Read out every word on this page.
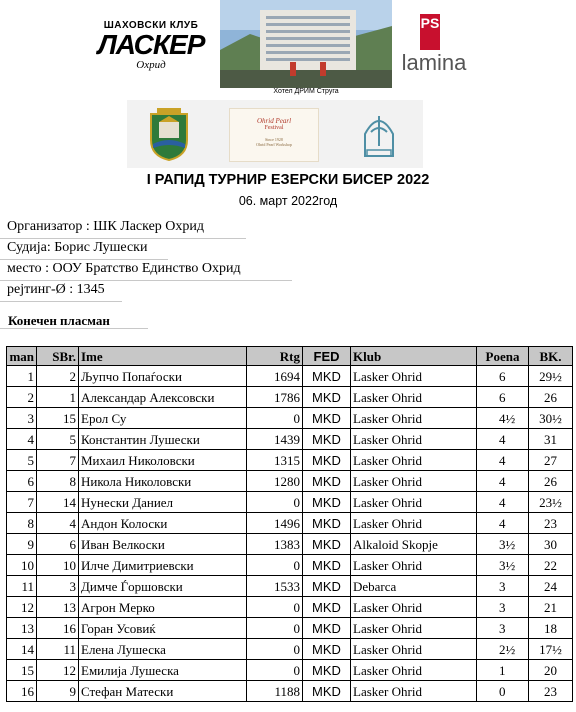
ШАХОВСКИ КЛУБ
ЛАСКЕР
Охрид
Хотел ДРИМ Струга
PS
lamina
Ohrid Pearl
Festival
Since 1928
Ohrid Pearl Workshop
I РАПИД ТУРНИР ЕЗЕРСКИ БИСЕР 2022
06. март 2022год
Организатор : ШК Ласкер Охрид
Судија: Борис Лушески
место : ООУ Братство Единство Охрид
рејтинг-Ø : 1345
Конечен пласман
man	SBr.	Ime	Rtg	FED	Klub	Poena	BK.
1	2	Љупчо Попаѓоски	1694	MKD	Lasker Ohrid	6	29½
2	1	Александар Алексовски	1786	MKD	Lasker Ohrid	6	26
3	15	Ерол Су	0	MKD	Lasker Ohrid	4½	30½
4	5	Константин Лушески	1439	MKD	Lasker Ohrid	4	31
5	7	Михаил Николовски	1315	MKD	Lasker Ohrid	4	27
6	8	Никола Николовски	1280	MKD	Lasker Ohrid	4	26
7	14	Нунески Даниел	0	MKD	Lasker Ohrid	4	23½
8	4	Андон Колоски	1496	MKD	Lasker Ohrid	4	23
9	6	Иван Велкоски	1383	MKD	Alkaloid Skopje	3½	30
10	10	Илче Димитриевски	0	MKD	Lasker Ohrid	3½	22
11	3	Димче Ѓоршовски	1533	MKD	Debarca	3	24
12	13	Агрон Мерко	0	MKD	Lasker Ohrid	3	21
13	16	Горан Усовиќ	0	MKD	Lasker Ohrid	3	18
14	11	Елена Лушеска	0	MKD	Lasker Ohrid	2½	17½
15	12	Емилија Лушеска	0	MKD	Lasker Ohrid	1	20
16	9	Стефан Матески	1188	MKD	Lasker Ohrid	0	23
